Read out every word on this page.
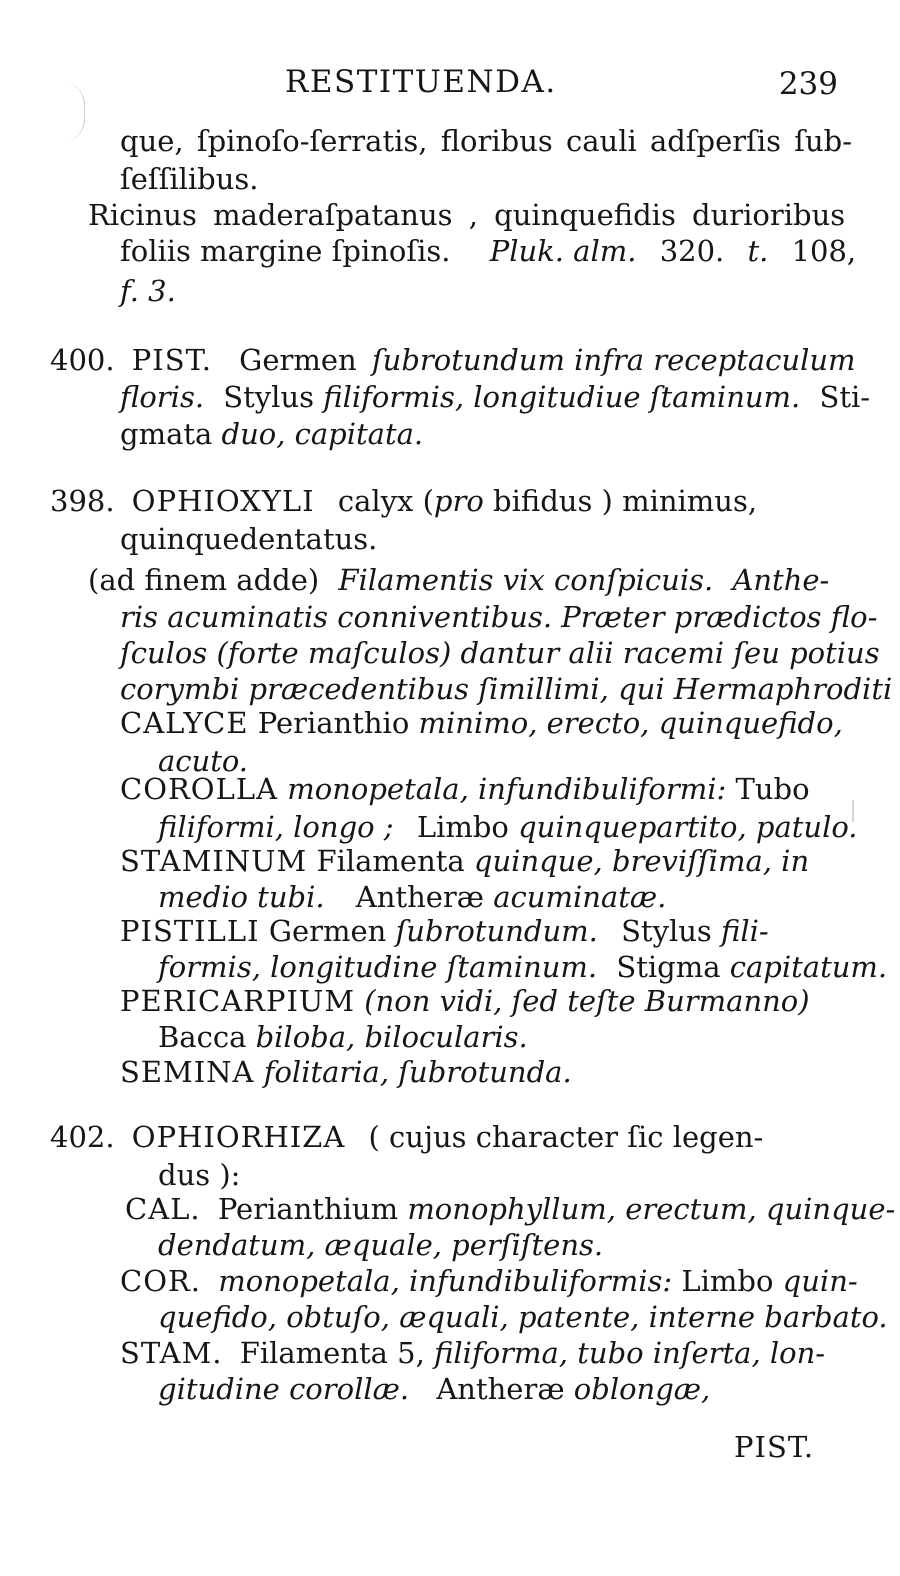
RESTITUENDA.	239
que, ſpinoſo-ſerratis, floribus cauli adſperſis ſub-
ſeſſilibus.
Ricinus maderaſpatanus , quinquefidis durioribus
foliis margine ſpinoſis. Pluk. alm. 320. t. 108,
f. 3.
400. PIST. Germen ſubrotundum infra receptaculum
floris. Stylus filiformis, longitudiue ſtaminum. Sti-
gmata duo, capitata.
398. OPHIOXYLI calyx (pro bifidus ) minimus,
quinquedentatus.
(ad finem adde) Filamentis vix conſpicuis. Anthe-
ris acuminatis conniventibus. Præter prædictos flo-
ſculos (forte maſculos) dantur alii racemi ſeu potius
corymbi præcedentibus ſimillimi, qui Hermaphroditi
CALYCE Perianthio minimo, erecto, quinquefido,
acuto.
COROLLA monopetala, infundibuliformi: Tubo
filiformi, longo ; Limbo quinquepartito, patulo.
STAMINUM Filamenta quinque, breviſſima, in
medio tubi. Antheræ acuminatæ.
PISTILLI Germen ſubrotundum. Stylus fili-
formis, longitudine ſtaminum. Stigma capitatum.
PERICARPIUM (non vidi, ſed teſte Burmanno)
Bacca biloba, bilocularis.
SEMINA folitaria, ſubrotunda.
402. OPHIORHIZA ( cujus character ſic legen-
dus ):
CAL. Perianthium monophyllum, erectum, quinque-
dendatum, æquale, perſiſtens.
COR. monopetala, infundibuliformis: Limbo quin-
quefido, obtuſo, æquali, patente, interne barbato.
STAM. Filamenta 5, filiforma, tubo inſerta, lon-
gitudine corollæ. Antheræ oblongæ,
PIST.
